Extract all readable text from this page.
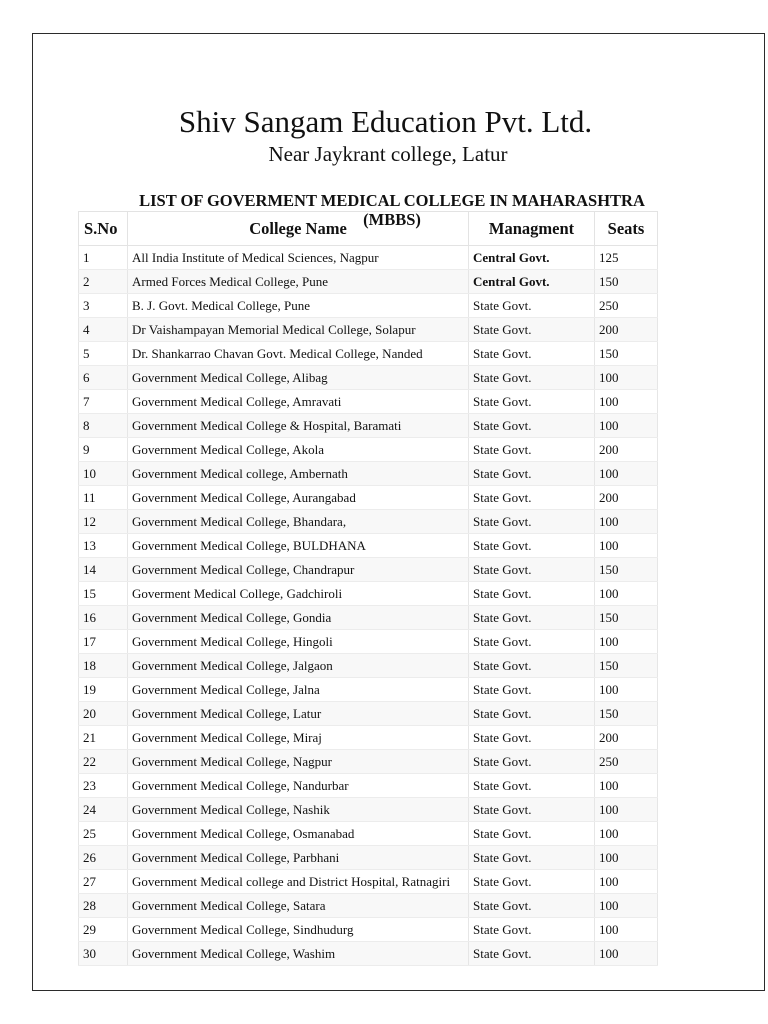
Shiv Sangam Education Pvt. Ltd.
Near Jaykrant college, Latur
LIST OF GOVERMENT MEDICAL COLLEGE IN MAHARASHTRA
(MBBS)
S.No	College Name	Managment	Seats
1	All India Institute of Medical Sciences, Nagpur	Central Govt.	125
2	Armed Forces Medical College, Pune	Central Govt.	150
3	B. J. Govt. Medical College, Pune	State Govt.	250
4	Dr Vaishampayan Memorial Medical College, Solapur	State Govt.	200
5	Dr. Shankarrao Chavan Govt. Medical College, Nanded	State Govt.	150
6	Government Medical College, Alibag	State Govt.	100
7	Government Medical College, Amravati	State Govt.	100
8	Government Medical College & Hospital, Baramati	State Govt.	100
9	Government Medical College, Akola	State Govt.	200
10	Government Medical college, Ambernath	State Govt.	100
11	Government Medical College, Aurangabad	State Govt.	200
12	Government Medical College, Bhandara,	State Govt.	100
13	Government Medical College, BULDHANA	State Govt.	100
14	Government Medical College, Chandrapur	State Govt.	150
15	Goverment Medical College, Gadchiroli	State Govt.	100
16	Government Medical College, Gondia	State Govt.	150
17	Government Medical College, Hingoli	State Govt.	100
18	Government Medical College, Jalgaon	State Govt.	150
19	Government Medical College, Jalna	State Govt.	100
20	Government Medical College, Latur	State Govt.	150
21	Government Medical College, Miraj	State Govt.	200
22	Government Medical College, Nagpur	State Govt.	250
23	Government Medical College, Nandurbar	State Govt.	100
24	Government Medical College, Nashik	State Govt.	100
25	Government Medical College, Osmanabad	State Govt.	100
26	Government Medical College, Parbhani	State Govt.	100
27	Government Medical college and District Hospital, Ratnagiri	State Govt.	100
28	Government Medical College, Satara	State Govt.	100
29	Government Medical College, Sindhudurg	State Govt.	100
30	Government Medical College, Washim	State Govt.	100
